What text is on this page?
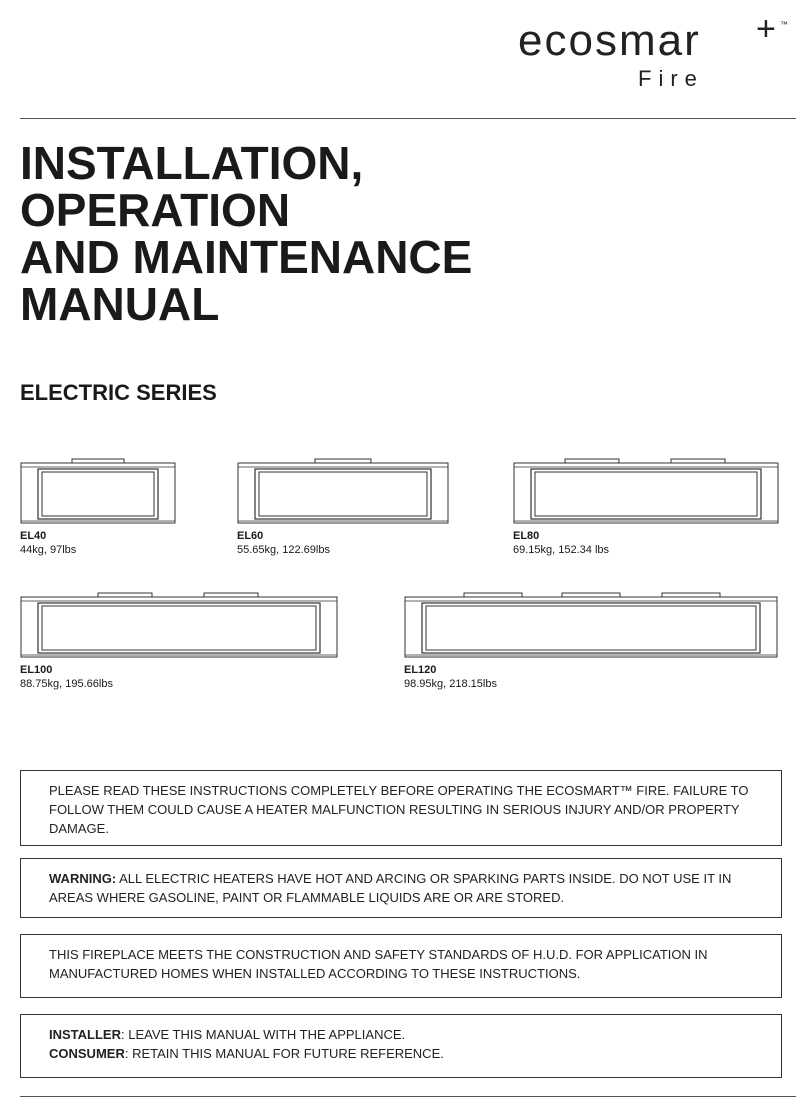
ecosmar + ™
Fire
INSTALLATION,
OPERATION
AND MAINTENANCE
MANUAL
ELECTRIC SERIES
EL40
44kg, 97lbs
EL60
55.65kg, 122.69lbs
EL80
69.15kg, 152.34 lbs
EL100
88.75kg, 195.66lbs
EL120
98.95kg, 218.15lbs
PLEASE READ THESE INSTRUCTIONS COMPLETELY BEFORE OPERATING THE ECOSMART™ FIRE. FAILURE TO FOLLOW THEM COULD CAUSE A HEATER MALFUNCTION RESULTING IN SERIOUS INJURY AND/OR PROPERTY DAMAGE.
WARNING: ALL ELECTRIC HEATERS HAVE HOT AND ARCING OR SPARKING PARTS INSIDE. DO NOT USE IT IN AREAS WHERE GASOLINE, PAINT OR FLAMMABLE LIQUIDS ARE OR ARE STORED.
THIS FIREPLACE MEETS THE CONSTRUCTION AND SAFETY STANDARDS OF H.U.D. FOR APPLICATION IN MANUFACTURED HOMES WHEN INSTALLED ACCORDING TO THESE INSTRUCTIONS.
INSTALLER: LEAVE THIS MANUAL WITH THE APPLIANCE.
CONSUMER: RETAIN THIS MANUAL FOR FUTURE REFERENCE.
